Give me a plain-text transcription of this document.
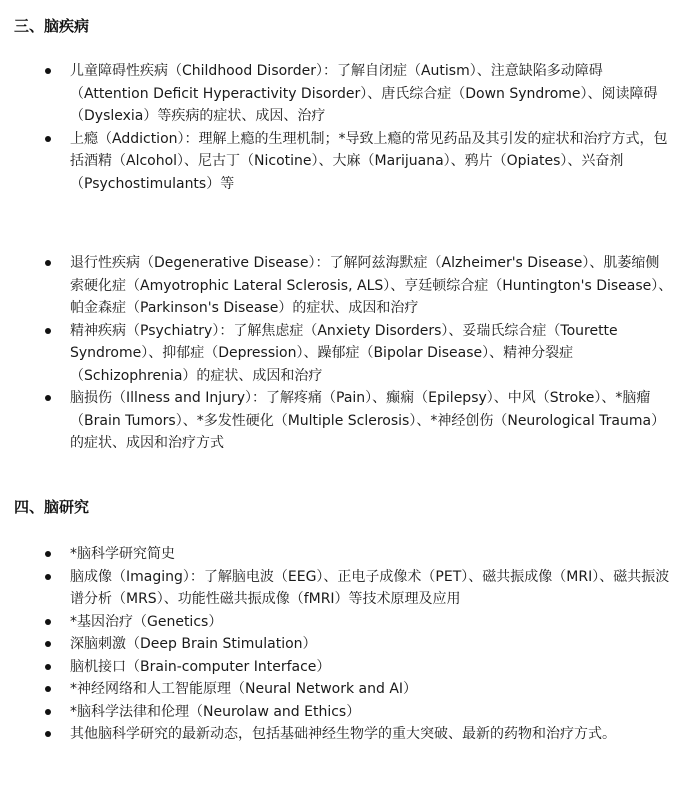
三、脑疾病
儿童障碍性疾病（Childhood Disorder）：了解自闭症（Autism）、注意缺陷多动障碍（Attention Deficit Hyperactivity Disorder）、唐氏综合症（Down Syndrome）、阅读障碍（Dyslexia）等疾病的症状、成因、治疗
上瘾（Addiction）：理解上瘾的生理机制；*导致上瘾的常见药品及其引发的症状和治疗方式，包括酒精（Alcohol）、尼古丁（Nicotine）、大麻（Marijuana）、鸦片（Opiates）、兴奋剂（Psychostimulants）等
退行性疾病（Degenerative Disease）：了解阿兹海默症（Alzheimer's Disease）、肌萎缩侧索硬化症（Amyotrophic Lateral Sclerosis, ALS）、亨廷顿综合症（Huntington's Disease）、帕金森症（Parkinson's Disease）的症状、成因和治疗
精神疾病（Psychiatry）：了解焦虑症（Anxiety Disorders）、妥瑞氏综合症（Tourette Syndrome）、抑郁症（Depression）、躁郁症（Bipolar Disease）、精神分裂症（Schizophrenia）的症状、成因和治疗
脑损伤（Illness and Injury）：了解疼痛（Pain）、癫痫（Epilepsy）、中风（Stroke）、*脑瘤（Brain Tumors）、*多发性硬化（Multiple Sclerosis）、*神经创伤（Neurological Trauma）的症状、成因和治疗方式
四、脑研究
*脑科学研究简史
脑成像（Imaging）：了解脑电波（EEG）、正电子成像术（PET）、磁共振成像（MRI）、磁共振波谱分析（MRS）、功能性磁共振成像（fMRI）等技术原理及应用
*基因治疗（Genetics）
深脑刺激（Deep Brain Stimulation）
脑机接口（Brain-computer Interface）
*神经网络和人工智能原理（Neural Network and AI）
*脑科学法律和伦理（Neurolaw and Ethics）
其他脑科学研究的最新动态，包括基础神经生物学的重大突破、最新的药物和治疗方式。
